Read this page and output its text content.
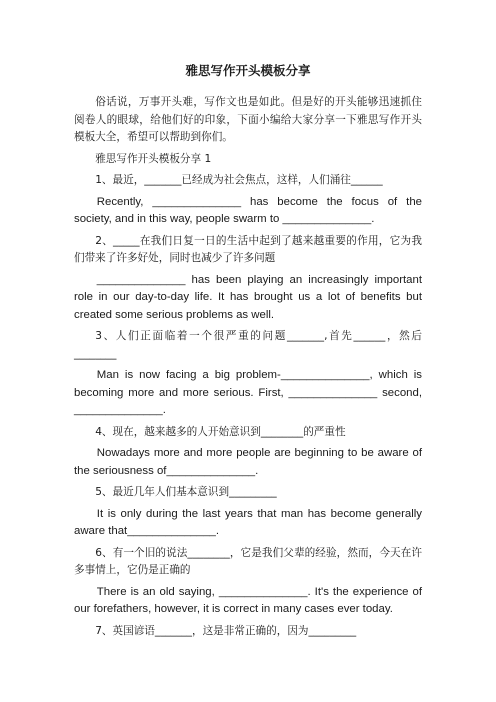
雅思写作开头模板分享

俗话说，万事开头难，写作文也是如此。但是好的开头能够迅速抓住阅卷人的眼球，给他们好的印象，下面小编给大家分享一下雅思写作开头模板大全，希望可以帮助到你们。

雅思写作开头模板分享 1

1、最近，_______已经成为社会焦点，这样，人们涌往______

Recently, ______________ has become the focus of the society, and in this way, people swarm to ______________.

2、_____在我们日复一日的生活中起到了越来越重要的作用，它为我们带来了许多好处，同时也减少了许多问题

______________ has been playing an increasingly important role in our day-to-day life. It has brought us a lot of benefits but created some serious problems as well.

3、人们正面临着一个很严重的问题_______,首先______，然后________

Man is now facing a big problem-______________, which is becoming more and more serious. First, ______________ second, ______________.

4、现在，越来越多的人开始意识到________的严重性

Nowadays more and more people are beginning to be aware of the seriousness of______________.

5、最近几年人们基本意识到_________

It is only during the last years that man has become generally aware that______________.

6、有一个旧的说法________，它是我们父辈的经验，然而，今天在许多事情上，它仍是正确的

There is an old saying, ______________. It's the experience of our forefathers, however, it is correct in many cases ever today.

7、英国谚语_______，这是非常正确的，因为_________
